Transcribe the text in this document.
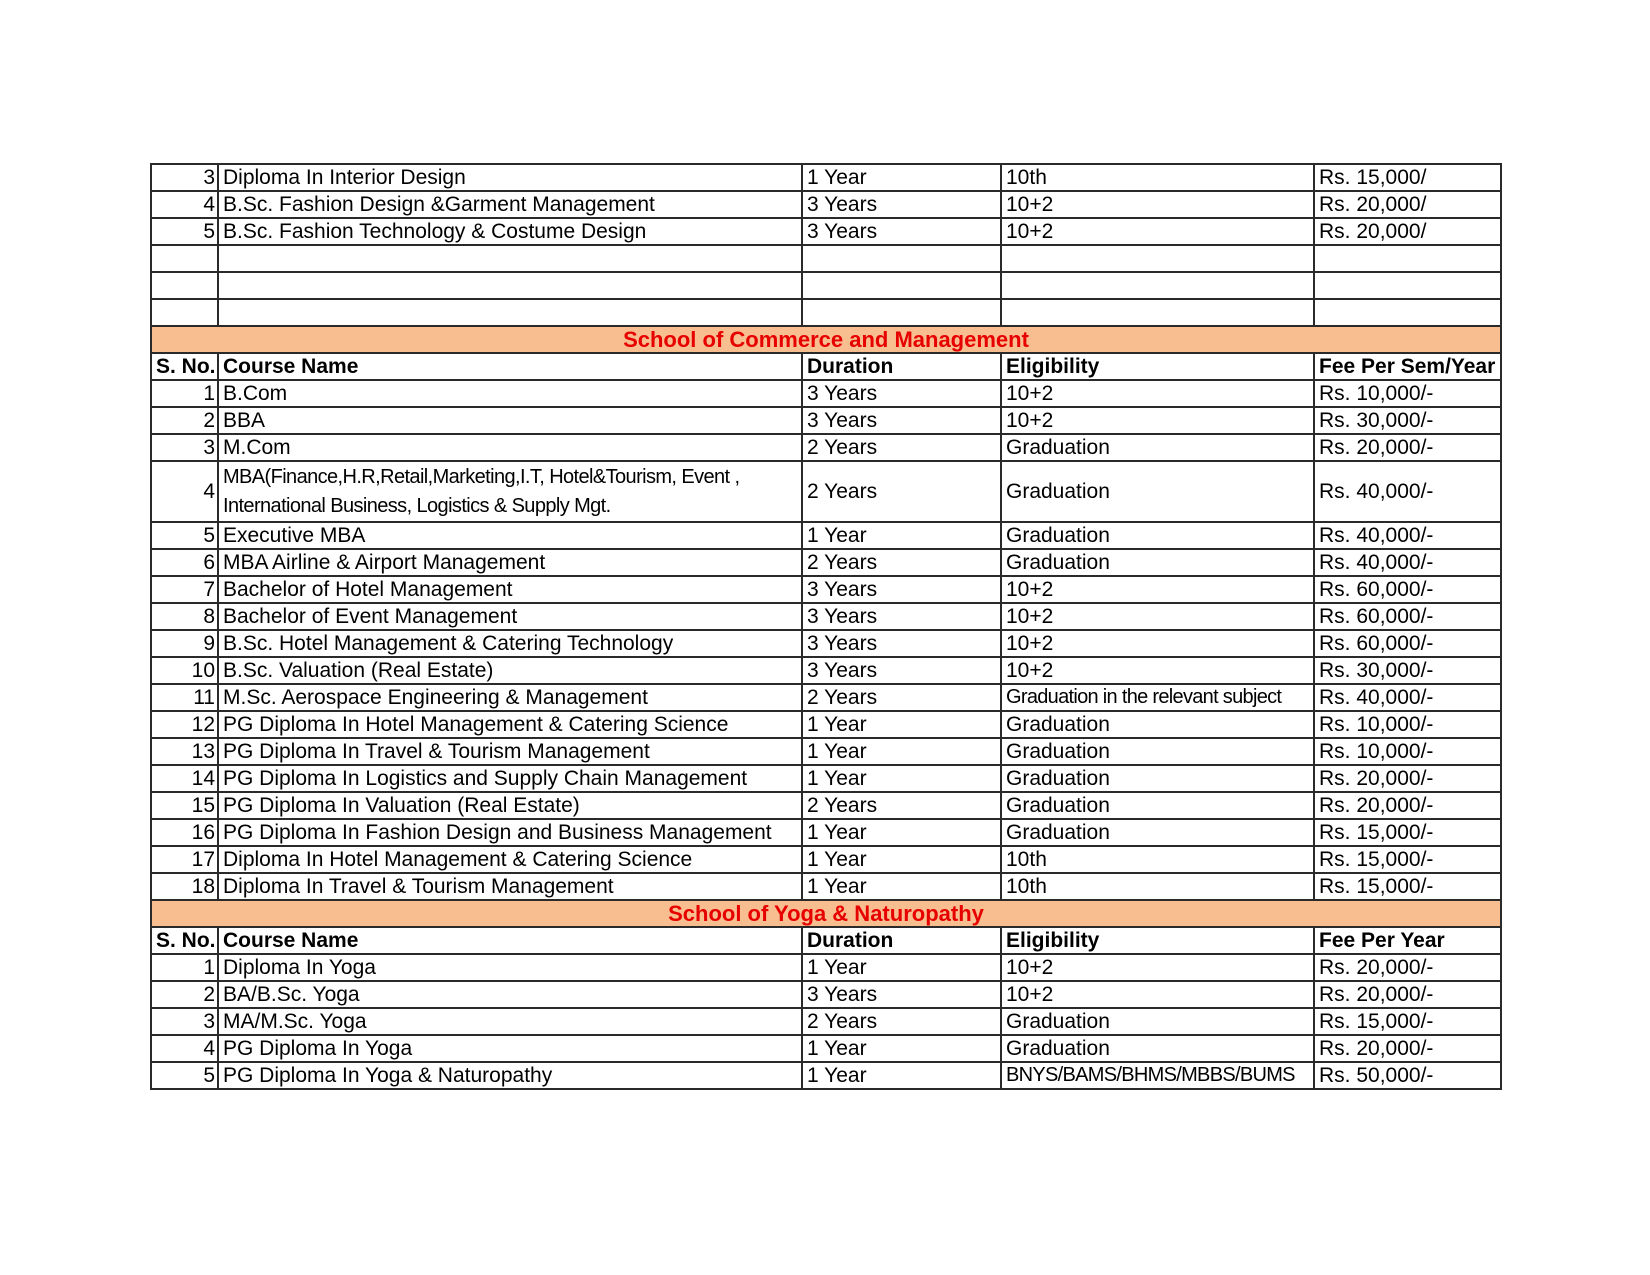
3	Diploma In Interior Design	1 Year	10th	Rs. 15,000/
4	B.Sc. Fashion Design &Garment Management	3 Years	10+2	Rs. 20,000/
5	B.Sc. Fashion Technology & Costume Design	3 Years	10+2	Rs. 20,000/

School of Commerce and Management				
S. No.	Course Name	Duration	Eligibility	Fee Per Sem/Year
1	B.Com	3 Years	10+2	Rs. 10,000/-
2	BBA	3 Years	10+2	Rs. 30,000/-
3	M.Com	2 Years	Graduation	Rs. 20,000/-
4	MBA(Finance,H.R,Retail,Marketing,I.T, Hotel&Tourism, Event , International Business, Logistics & Supply Mgt.	2 Years	Graduation	Rs. 40,000/-
5	Executive MBA	1 Year	Graduation	Rs. 40,000/-
6	MBA Airline & Airport Management	2 Years	Graduation	Rs. 40,000/-
7	Bachelor of Hotel Management	3 Years	10+2	Rs. 60,000/-
8	Bachelor of Event Management	3 Years	10+2	Rs. 60,000/-
9	B.Sc. Hotel Management & Catering Technology	3 Years	10+2	Rs. 60,000/-
10	B.Sc. Valuation (Real Estate)	3 Years	10+2	Rs. 30,000/-
11	M.Sc. Aerospace Engineering & Management	2 Years	Graduation in the relevant subject	Rs. 40,000/-
12	PG Diploma In Hotel Management & Catering Science	1 Year	Graduation	Rs. 10,000/-
13	PG Diploma In Travel & Tourism Management	1 Year	Graduation	Rs. 10,000/-
14	PG Diploma In Logistics and Supply Chain Management	1 Year	Graduation	Rs. 20,000/-
15	PG Diploma In Valuation (Real Estate)	2 Years	Graduation	Rs. 20,000/-
16	PG Diploma In Fashion Design and Business Management	1 Year	Graduation	Rs. 15,000/-
17	Diploma In Hotel Management & Catering Science	1 Year	10th	Rs. 15,000/-
18	Diploma In Travel & Tourism Management	1 Year	10th	Rs. 15,000/-
School of Yoga & Naturopathy				
S. No.	Course Name	Duration	Eligibility	Fee Per Year
1	Diploma In Yoga	1 Year	10+2	Rs. 20,000/-
2	BA/B.Sc. Yoga	3 Years	10+2	Rs. 20,000/-
3	MA/M.Sc. Yoga	2 Years	Graduation	Rs. 15,000/-
4	PG Diploma In Yoga	1 Year	Graduation	Rs. 20,000/-
5	PG Diploma In Yoga & Naturopathy	1 Year	BNYS/BAMS/BHMS/MBBS/BUMS	Rs. 50,000/-
